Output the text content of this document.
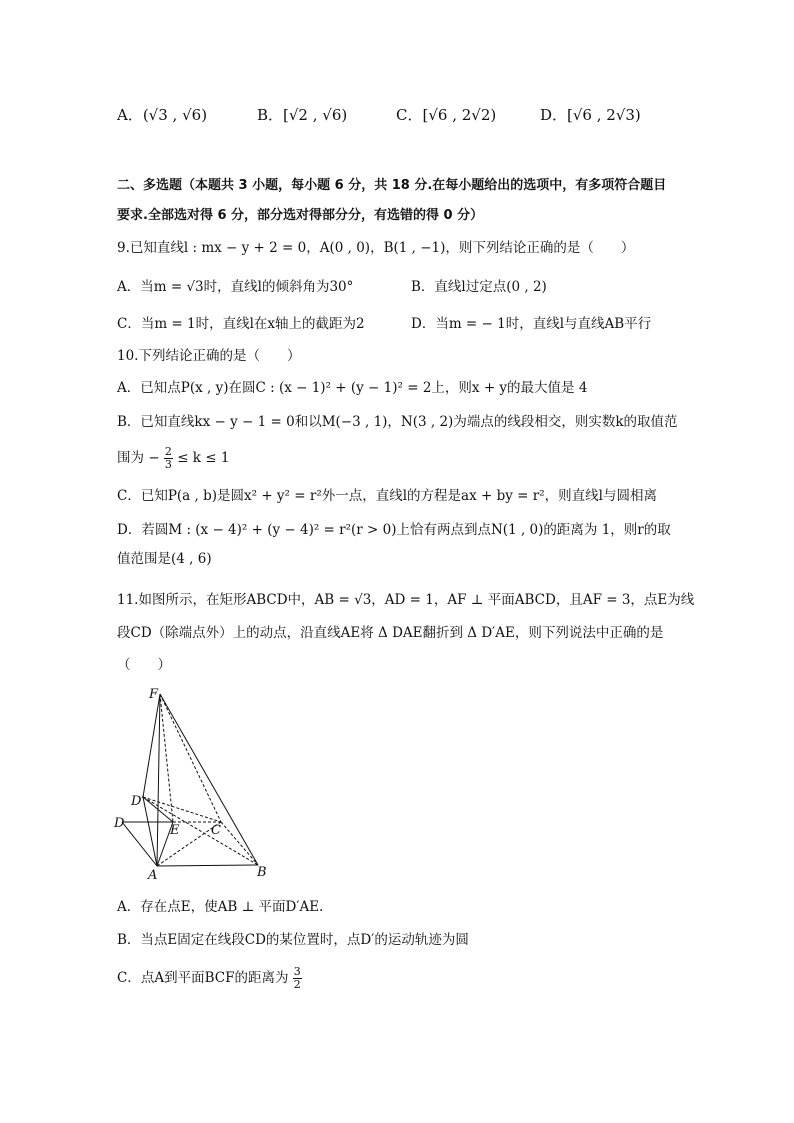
A．(√3 , √6)	B．[√2 , √6)	C．[√6 , 2√2)	D．[√6 , 2√3)
二、多选题（本题共 3 小题，每小题 6 分，共 18 分.在每小题给出的选项中，有多项符合题目
要求.全部选对得 6 分，部分选对得部分分，有选错的得 0 分）
9.已知直线l : mx − y + 2 = 0，A(0 , 0)，B(1 , −1)，则下列结论正确的是（　　）
A．当m = √3时，直线l的倾斜角为30°	B．直线l过定点(0 , 2)
C．当m = 1时，直线l在x轴上的截距为2	D．当m = − 1时，直线l与直线AB平行
10.下列结论正确的是（　　）
A．已知点P(x , y)在圆C : (x − 1)² + (y − 1)² = 2上，则x + y的最大值是 4
B．已知直线kx − y − 1 = 0和以M(−3 , 1)，N(3 , 2)为端点的线段相交，则实数k的取值范
围为 − $\frac{2}{3} \le k \le 1$
C．已知P(a , b)是圆x² + y² = r²外一点，直线l的方程是ax + by = r²，则直线l与圆相离
D．若圆M : (x − 4)² + (y − 4)² = r²(r > 0)上恰有两点到点N(1 , 0)的距离为 1，则r的取
值范围是(4 , 6)
11.如图所示，在矩形ABCD中，AB = √3，AD = 1，AF ⊥ 平面ABCD，且AF = 3，点E为线
段CD（除端点外）上的动点，沿直线AE将 Δ DAE翻折到 Δ D′AE，则下列说法中正确的是
（　　）
F
D′
D	E C
A	B
A．存在点E，使AB ⊥ 平面D′AE.
B．当点E固定在线段CD的某位置时，点D′的运动轨迹为圆
C．点A到平面BCF的距离为 $\frac{3}{2}$
